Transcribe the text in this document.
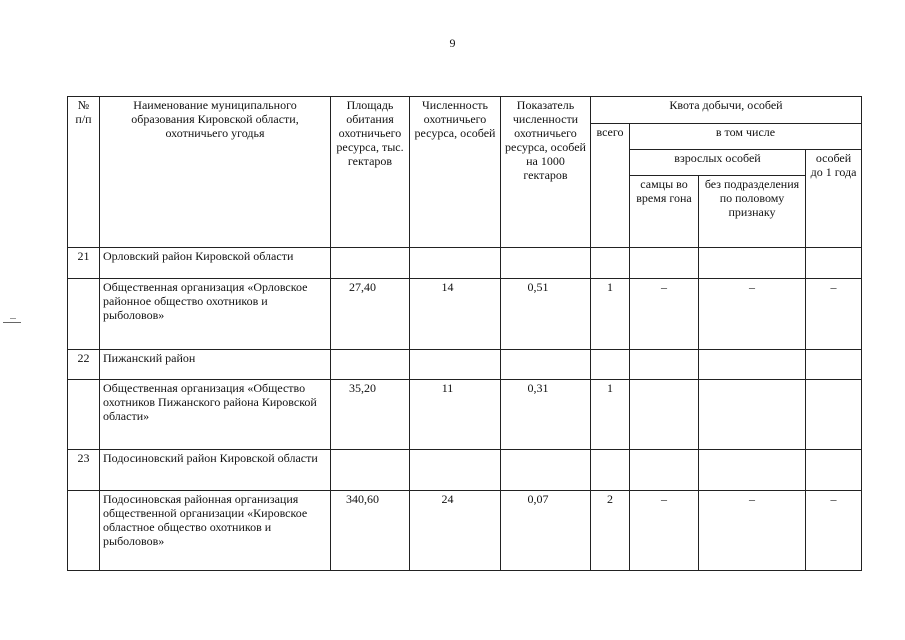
9
№
п/п	Наименование муниципального образования Кировской области, охотничьего угодья	Площадь обитания охотничьего ресурса, тыс. гектаров	Численность охотничьего ресурса, особей	Показатель численности охотничьего ресурса, особей на 1000 гектаров	Квота добычи, особей			
					всего	в том числе		
						взрослых особей		особей до 1 года
						самцы во время гона	без подразделения по половому признаку	
21	Орловский район Кировской области							
	Общественная организация «Орловское районное общество охотников и рыболовов»	27,40	14	0,51	1	–	–	–
22	Пижанский район							
	Общественная организация «Общество охотников Пижанского района Кировской области»	35,20	11	0,31	1			
23	Подосиновский район Кировской области							
	Подосиновская районная организация общественной организации «Кировское областное общество охотников и рыболовов»	340,60	24	0,07	2	–	–	–
